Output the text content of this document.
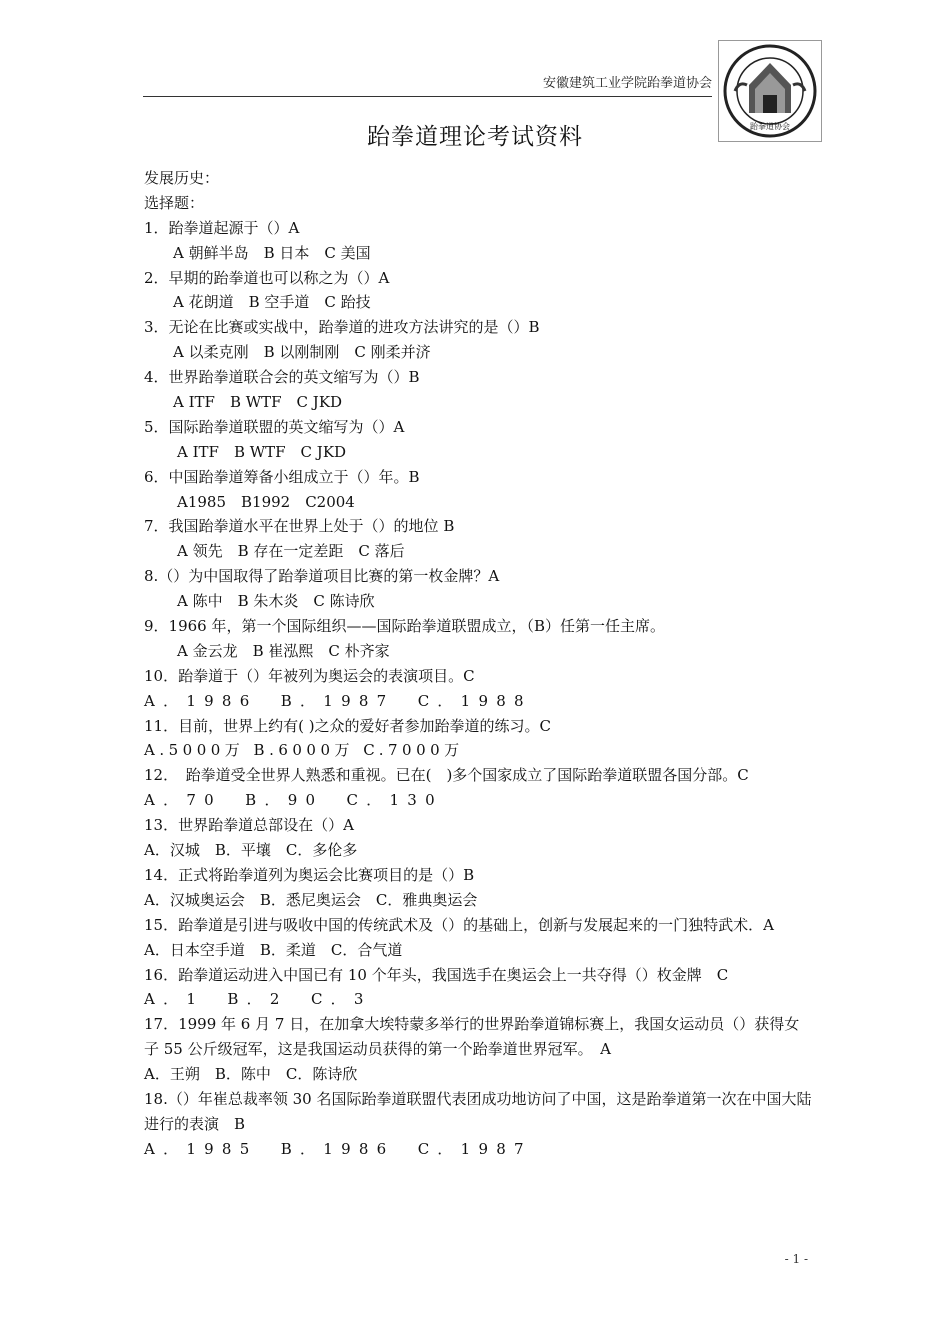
安徽建筑工业学院跆拳道协会
跆拳道协会
跆拳道理论考试资料
发展历史：
选择题：
1．跆拳道起源于（）A
A 朝鲜半岛　B 日本　C 美国
2．早期的跆拳道也可以称之为（）A
A 花朗道　B 空手道　C 跆技
3．无论在比赛或实战中，跆拳道的进攻方法讲究的是（）B
A 以柔克刚　B 以刚制刚　C 刚柔并济
4．世界跆拳道联合会的英文缩写为（）B
A ITF　B WTF　C JKD
5．国际跆拳道联盟的英文缩写为（）A
A ITF　B WTF　C JKD
6．中国跆拳道筹备小组成立于（）年。B
A1985　B1992　C2004
7．我国跆拳道水平在世界上处于（）的地位 B
A 领先　B 存在一定差距　C 落后
8.（）为中国取得了跆拳道项目比赛的第一枚金牌？A
A 陈中　B 朱木炎　C 陈诗欣
9．1966 年，第一个国际组织——国际跆拳道联盟成立，（B）任第一任主席。
A 金云龙　B 崔泓熙　C 朴齐家
10．跆拳道于（）年被列为奥运会的表演项目。C
A．1986　B．1987　C．1988
11．目前，世界上约有( )之众的爱好者参加跆拳道的练习。C
A.5000万 B.6000万 C.7000万
12．　跆拳道受全世界人熟悉和重视。已在(　)多个国家成立了国际跆拳道联盟各国分部。C
A．70　B．90　C．130
13．世界跆拳道总部设在（）A
A．汉城　B．平壤　C．多伦多
14．正式将跆拳道列为奥运会比赛项目的是（）B
A．汉城奥运会　B．悉尼奥运会　C．雅典奥运会
15．跆拳道是引进与吸收中国的传统武术及（）的基础上，创新与发展起来的一门独特武术．A
A．日本空手道　B．柔道　C．合气道
16．跆拳道运动进入中国已有 10 个年头，我国选手在奥运会上一共夺得（）枚金牌　C
A．1　B．2　C．3
17．1999 年 6 月 7 日，在加拿大埃特蒙多举行的世界跆拳道锦标赛上，我国女运动员（）获得女子 55 公斤级冠军，这是我国运动员获得的第一个跆拳道世界冠军。　A
A．王朔　B．陈中　C．陈诗欣
18.（）年崔总裁率领 30 名国际跆拳道联盟代表团成功地访问了中国，这是跆拳道第一次在中国大陆进行的表演　B
A．1985　B．1986　C．1987
- 1 -
